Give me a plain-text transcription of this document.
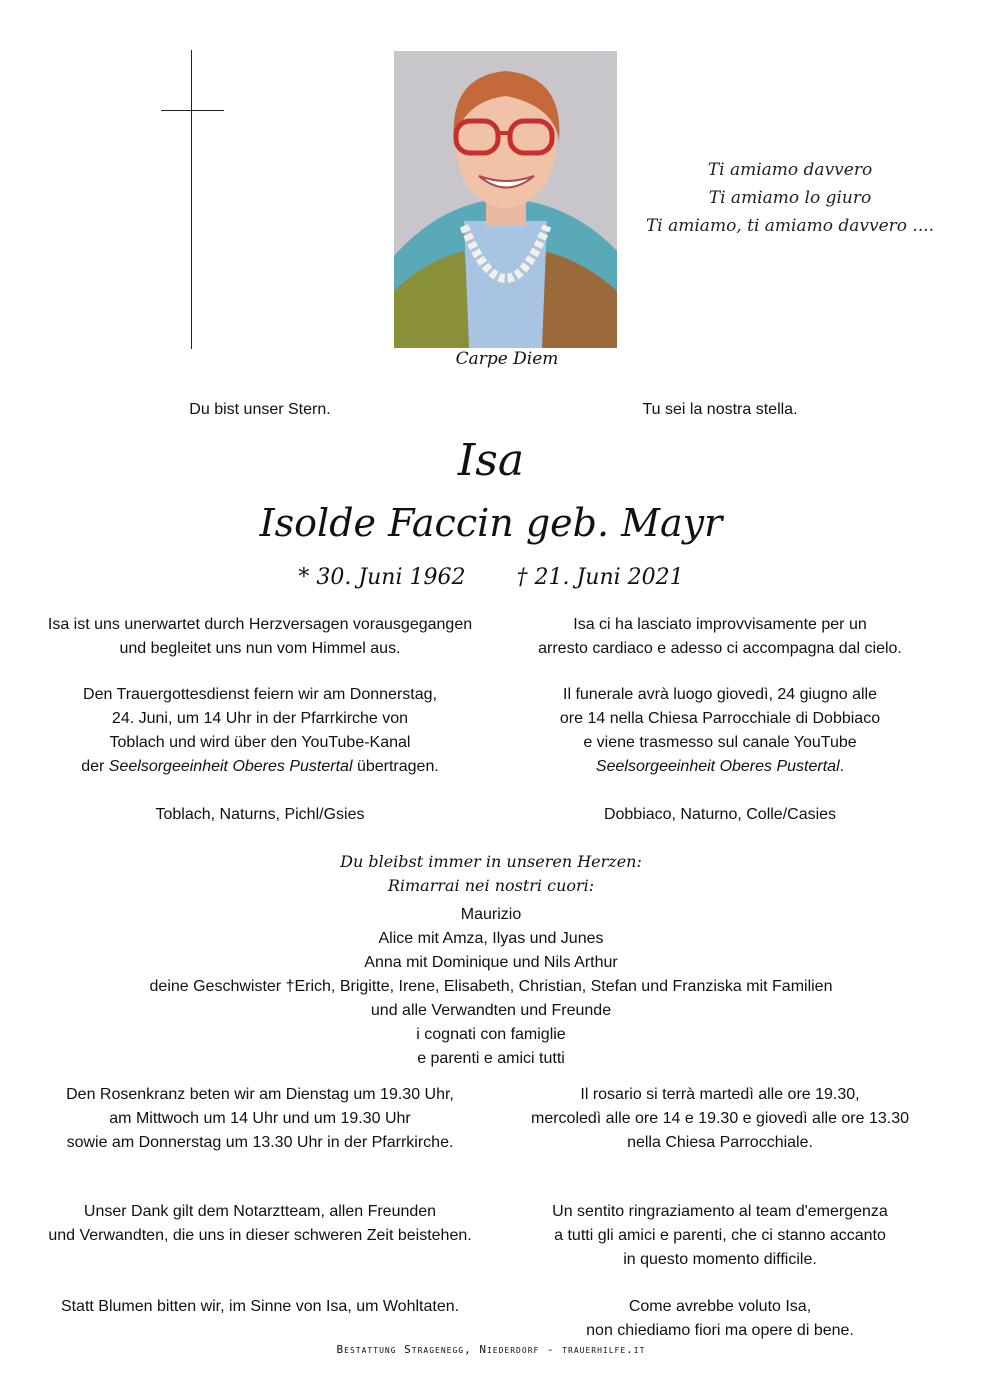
Ti amiamo davvero

Ti amiamo lo giuro

Ti amiamo, ti amiamo davvero ....

Carpe Diem
Du bist unser Stern.	Tu sei la nostra stella.
Isa
Isolde Faccin geb. Mayr
* 30. Juni 1962 † 21. Juni 2021

Isa ist uns unerwartet durch Herzversagen vorausgegangen

und begleitet uns nun vom Himmel aus.

Isa ci ha lasciato improvvisamente per un

arresto cardiaco e adesso ci accompagna dal cielo.

Den Trauergottesdienst feiern wir am Donnerstag,

24. Juni, um 14 Uhr in der Pfarrkirche von

Toblach und wird über den YouTube-Kanal

der Seelsorgeeinheit Oberes Pustertal übertragen.

Il funerale avrà luogo giovedì, 24 giugno alle

ore 14 nella Chiesa Parrocchiale di Dobbiaco

e viene trasmesso sul canale YouTube

Seelsorgeeinheit Oberes Pustertal.

Toblach, Naturns, Pichl/Gsies	Dobbiaco, Naturno, Colle/Casies

Du bleibst immer in unseren Herzen:

Rimarrai nei nostri cuori:

Maurizio

Alice mit Amza, Ilyas und Junes

Anna mit Dominique und Nils Arthur

deine Geschwister †Erich, Brigitte, Irene, Elisabeth, Christian, Stefan und Franziska mit Familien

und alle Verwandten und Freunde

i cognati con famiglie

e parenti e amici tutti

Den Rosenkranz beten wir am Dienstag um 19.30 Uhr,

am Mittwoch um 14 Uhr und um 19.30 Uhr

sowie am Donnerstag um 13.30 Uhr in der Pfarrkirche.

Il rosario si terrà martedì alle ore 19.30,

mercoledì alle ore 14 e 19.30 e giovedì alle ore 13.30

nella Chiesa Parrocchiale.

Unser Dank gilt dem Notarztteam, allen Freunden

und Verwandten, die uns in dieser schweren Zeit beistehen.

Un sentito ringraziamento al team d'emergenza

a tutti gli amici e parenti, che ci stanno accanto

in questo momento difficile.

Statt Blumen bitten wir, im Sinne von Isa, um Wohltaten.	Come avrebbe voluto Isa,

non chiediamo fiori ma opere di bene.

Bestattung Stragenegg, Niederdorf - trauerhilfe.it
